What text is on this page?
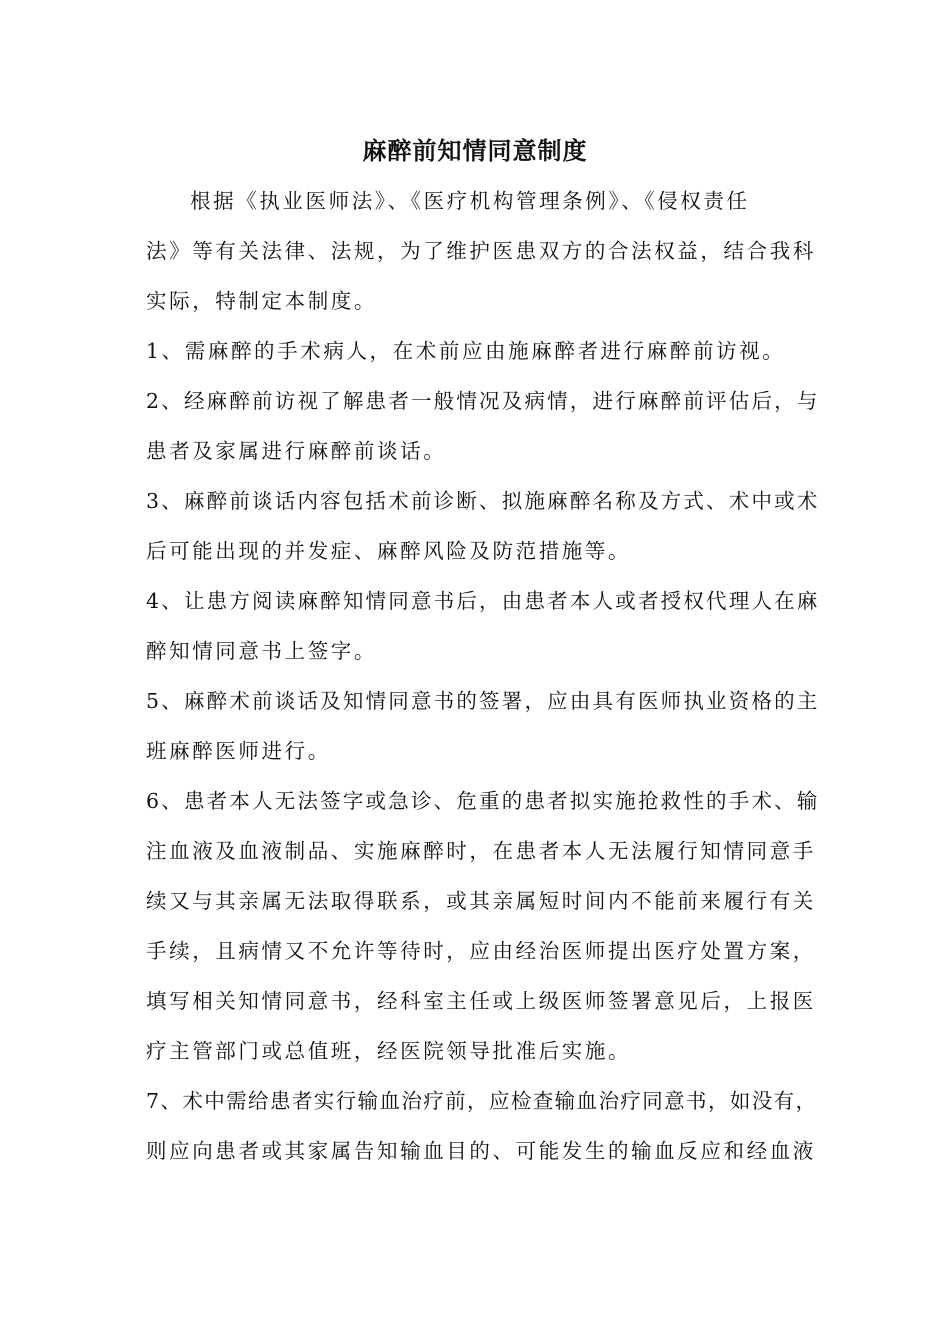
麻醉前知情同意制度

根据《执业医师法》、《医疗机构管理条例》、《侵权责任

法》等有关法律、法规，为了维护医患双方的合法权益，结合我科

实际，特制定本制度。

1、需麻醉的手术病人，在术前应由施麻醉者进行麻醉前访视。

2、经麻醉前访视了解患者一般情况及病情，进行麻醉前评估后，与

患者及家属进行麻醉前谈话。

3、麻醉前谈话内容包括术前诊断、拟施麻醉名称及方式、术中或术

后可能出现的并发症、麻醉风险及防范措施等。

4、让患方阅读麻醉知情同意书后，由患者本人或者授权代理人在麻

醉知情同意书上签字。

5、麻醉术前谈话及知情同意书的签署，应由具有医师执业资格的主

班麻醉医师进行。

6、患者本人无法签字或急诊、危重的患者拟实施抢救性的手术、输

注血液及血液制品、实施麻醉时，在患者本人无法履行知情同意手

续又与其亲属无法取得联系，或其亲属短时间内不能前来履行有关

手续，且病情又不允许等待时，应由经治医师提出医疗处置方案，

填写相关知情同意书，经科室主任或上级医师签署意见后，上报医

疗主管部门或总值班，经医院领导批准后实施。

7、术中需给患者实行输血治疗前，应检查输血治疗同意书，如没有，

则应向患者或其家属告知输血目的、可能发生的输血反应和经血液
